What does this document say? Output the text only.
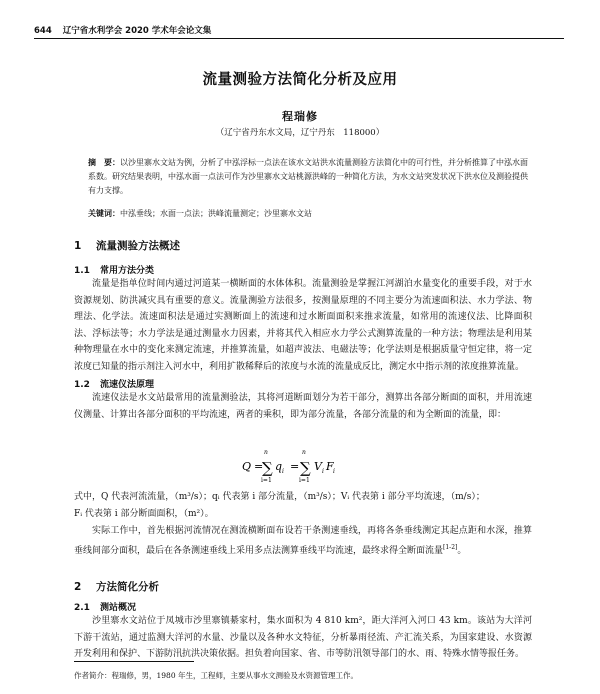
644 辽宁省水利学会 2020 学术年会论文集
流量测验方法简化分析及应用
程瑞修
（辽宁省丹东水文局，辽宁丹东　118000）
摘　要：以沙里寨水文站为例，分析了中泓浮标一点法在该水文站洪水流量测验方法简化中的可行性，并分析推算了中泓水面系数。研究结果表明，中泓水面一点法可作为沙里寨水文站桃源洪峰的一种简化方法，为水文站突发状况下洪水位及测验提供有力支撑。
关键词：中泓垂线；水面一点法；洪峰流量测定；沙里寨水文站
1 流量测验方法概述
1.1 常用方法分类
流量是指单位时间内通过河道某一横断面的水体体积。流量测验是掌握江河湖泊水量变化的重要手段，对于水资源规划、防洪减灾具有重要的意义。流量测验方法很多，按测量原理的不同主要分为流速面积法、水力学法、物理法、化学法。流速面积法是通过实测断面上的流速和过水断面面积来推求流量，如常用的流速仪法、比降面积法、浮标法等；水力学法是通过测量水力因素，并将其代入相应水力学公式测算流量的一种方法；物理法是利用某种物理量在水中的变化来测定流速，并推算流量，如超声波法、电磁法等；化学法则是根据质量守恒定律，将一定浓度已知量的指示剂注入河水中，利用扩散稀释后的浓度与水流的流量成反比，测定水中指示剂的浓度推算流量。
1.2 流速仪法原理
流速仪法是水文站最常用的流量测验法，其将河道断面划分为若干部分，测算出各部分断面的面积，并用流速仪测量、计算出各部分面积的平均流速，两者的乘积，即为部分流量，各部分流量的和为全断面的流量，即：
Q =
n
∑
i=1
q i =
n
∑
i=1
V i F i
式中，Q 代表河流流量，（m³/s）；qᵢ 代表第 i 部分流量，（m³/s）；Vᵢ 代表第 i 部分平均流速，（m/s）；
Fᵢ 代表第 i 部分断面面积，（m²）。
实际工作中，首先根据河流情况在测流横断面布设若干条测速垂线，再将各条垂线测定其起点距和水深，推算垂线间部分面积，最后在各条测速垂线上采用多点法测算垂线平均流速，最终求得全断面流量[1-2]。
2 方法简化分析
2.1 测站概况
沙里寨水文站位于凤城市沙里寨镇綦家村，集水面积为 4 810 km²，距大洋河入河口 43 km。该站为大洋河下游干流站，通过监测大洋河的水量、沙量以及各种水文特征，分析暴雨径流、产汇流关系，为国家建设、水资源开发利用和保护、下游防汛抗洪决策依据。担负着向国家、省、市等防汛领导部门的水、雨、特殊水情等报任务。
作者简介：程瑞修，男，1980 年生，工程师，主要从事水文测验及水资源管理工作。
